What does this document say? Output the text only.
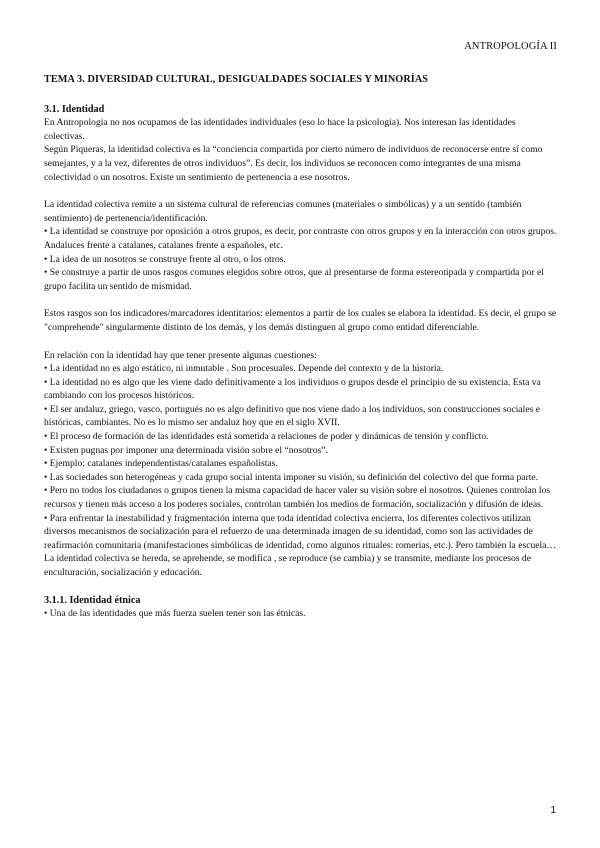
ANTROPOLOGÍA II

TEMA 3. DIVERSIDAD CULTURAL, DESIGUALDADES SOCIALES Y MINORÍAS

3.1. Identidad

En Antropología no nos ocupamos de las identidades individuales (eso lo hace la psicología). Nos interesan las identidades colectivas.

Según Piqueras, la identidad colectiva es la “conciencia compartida por cierto número de individuos de reconocerse entre sí como semejantes, y a la vez, diferentes de otros individuos”. Es decir, los individuos se reconocen como integrantes de una misma colectividad o un nosotros. Existe un sentimiento de pertenencia a ese nosotros.

La identidad colectiva remite a un sistema cultural de referencias comunes (materiales o simbólicas) y a un sentido (también sentimiento) de pertenencia/identificación.

• La identidad se construye por oposición a otros grupos, es decir, por contraste con otros grupos y en la interacción con otros grupos. Andaluces frente a catalanes, catalanes frente a españoles, etc.

• La idea de un nosotros se construye frente al otro, o los otros.

• Se construye a partir de unos rasgos comunes elegidos sobre otros, que al presentarse de forma estereotipada y compartida por el grupo facilita un sentido de mismidad.

Estos rasgos son los indicadores/marcadores identitarios: elementos a partir de los cuales se elabora la identidad. Es decir, el grupo se "comprehende" singularmente distinto de los demás, y los demás distinguen al grupo como entidad diferenciable.

En relación con la identidad hay que tener presente algunas cuestiones:

• La identidad no es algo estático, ni inmutable . Son procesuales. Depende del contexto y de la historia.

• La identidad no es algo que les viene dado definitivamente a los individuos o grupos desde el principio de su existencia. Esta va cambiando con los procesos históricos.

• El ser andaluz, griego, vasco, portugués no es algo definitivo que nos viene dado a los individuos, son construcciones sociales e históricas, cambiantes. No es lo mismo ser andaluz hoy que en el siglo XVII.

• El proceso de formación de las identidades está sometida a relaciones de poder y dinámicas de tensión y conflicto.

• Existen pugnas por imponer una determinada visión sobre el “nosotros”.

• Ejemplo: catalanes independentistas/catalanes españolistas.

• Las sociedades son heterogéneas y cada grupo social intenta imponer su visión, su definición del colectivo del que forma parte.

• Pero no todos los ciudadanos o grupos tienen la misma capacidad de hacer valer su visión sobre el nosotros. Quienes controlan los recursos y tienen más acceso a los poderes sociales, controlan también los medios de formación, socialización y difusión de ideas.

• Para enfrentar la inestabilidad y fragmentación interna que toda identidad colectiva encierra, los diferentes colectivos utilizan diversos mecanismos de socialización para el refuerzo de una determinada imagen de su identidad, como son las actividades de reafirmación comunitaria (manifestaciones simbólicas de identidad, como algunos rituales: romerías, etc.). Pero también la escuela…

La identidad colectiva se hereda, se aprehende, se modifica , se reproduce (se cambia) y se transmite, mediante los procesos de enculturación, socialización y educación.

3.1.1. Identidad étnica

• Una de las identidades que más fuerza suelen tener son las étnicas.

1
